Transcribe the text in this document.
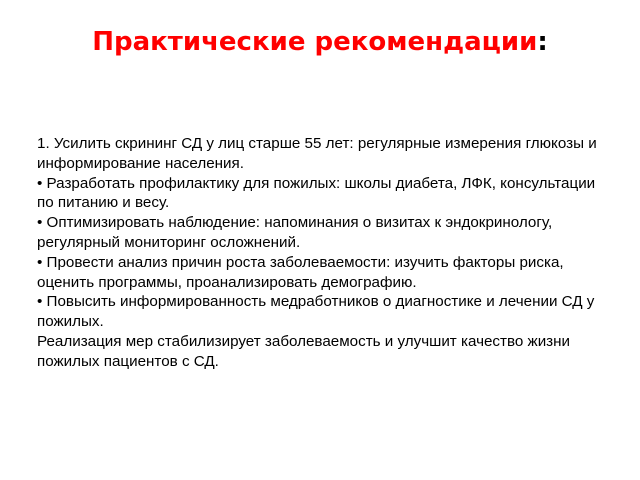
Практические рекомендации:
1. Усилить скрининг СД у лиц старше 55 лет: регулярные измерения глюкозы и информирование населения.
• Разработать профилактику для пожилых: школы диабета, ЛФК, консультации по питанию и весу.
• Оптимизировать наблюдение: напоминания о визитах к эндокринологу, регулярный мониторинг осложнений.
• Провести анализ причин роста заболеваемости: изучить факторы риска, оценить программы, проанализировать демографию.
• Повысить информированность медработников о диагностике и лечении СД у пожилых.
Реализация мер стабилизирует заболеваемость и улучшит качество жизни пожилых пациентов с СД.
